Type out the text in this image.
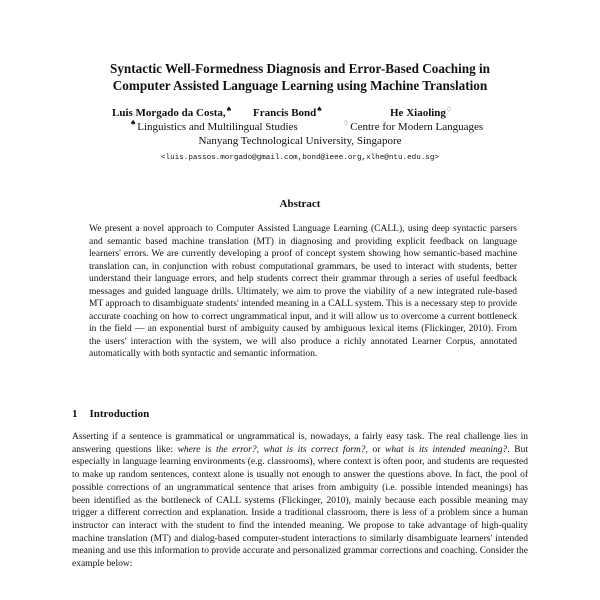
Syntactic Well-Formedness Diagnosis and Error-Based Coaching in
Computer Assisted Language Learning using Machine Translation
Luis Morgado da Costa,♠ Francis Bond♠	He Xiaoling♢
♠Linguistics and Multilingual Studies	♢Centre for Modern Languages
Nanyang Technological University, Singapore
<luis.passos.morgado@gmail.com,bond@ieee.org,xlhe@ntu.edu.sg>
Abstract

We present a novel approach to Computer Assisted Language Learning (CALL), using deep syntactic parsers and semantic based machine translation (MT) in diagnosing and providing explicit feedback on language learners' errors. We are currently developing a proof of concept system showing how semantic-based machine translation can, in conjunction with robust computational grammars, be used to interact with students, better understand their language errors, and help students correct their grammar through a series of useful feedback messages and guided language drills. Ultimately, we aim to prove the viability of a new integrated rule-based MT approach to disambiguate students' intended meaning in a CALL system. This is a necessary step to provide accurate coaching on how to correct ungrammatical input, and it will allow us to overcome a current bottleneck in the field — an exponential burst of ambiguity caused by ambiguous lexical items (Flickinger, 2010). From the users' interaction with the system, we will also produce a richly annotated Learner Corpus, annotated automatically with both syntactic and semantic information.

1 Introduction

Asserting if a sentence is grammatical or ungrammatical is, nowadays, a fairly easy task. The real challenge lies in answering questions like: where is the error?, what is its correct form?, or what is its intended meaning?. But especially in language learning environments (e.g. classrooms), where context is often poor, and students are requested to make up random sentences, context alone is usually not enough to answer the questions above. In fact, the pool of possible corrections of an ungrammatical sentence that arises from ambiguity (i.e. possible intended meanings) has been identified as the bottleneck of CALL systems (Flickinger, 2010), mainly because each possible meaning may trigger a different correction and explanation. Inside a traditional classroom, there is less of a problem since a human instructor can interact with the student to find the intended meaning. We propose to take advantage of high-quality machine translation (MT) and dialog-based computer-student interactions to similarly disambiguate learners' intended meaning and use this information to provide accurate and personalized grammar corrections and coaching. Consider the example below:
